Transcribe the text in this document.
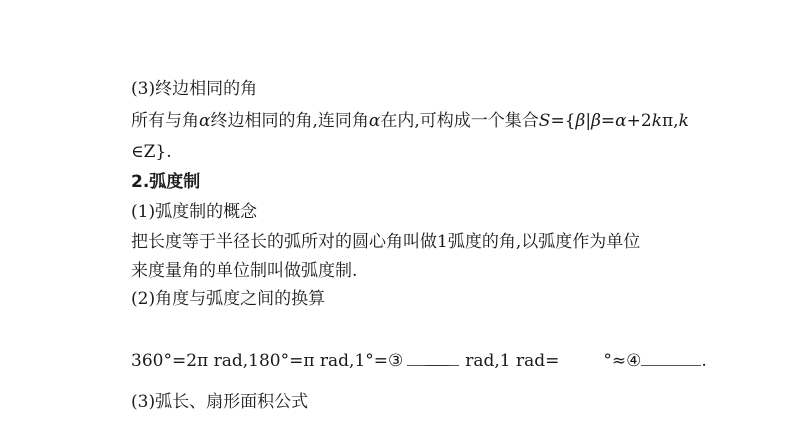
(3)终边相同的角
所有与角α终边相同的角,连同角α在内,可构成一个集合S={β|β=α+2kπ,k
∈Z}.
2.弧度制
(1)弧度制的概念
把长度等于半径长的弧所对的圆心角叫做1弧度的角,以弧度作为单位
来度量角的单位制叫做弧度制.
(2)角度与弧度之间的换算
360°=2π rad,180°=π rad,1°=③	rad,1 rad=	°≈④	.
(3)弧长、扇形面积公式
